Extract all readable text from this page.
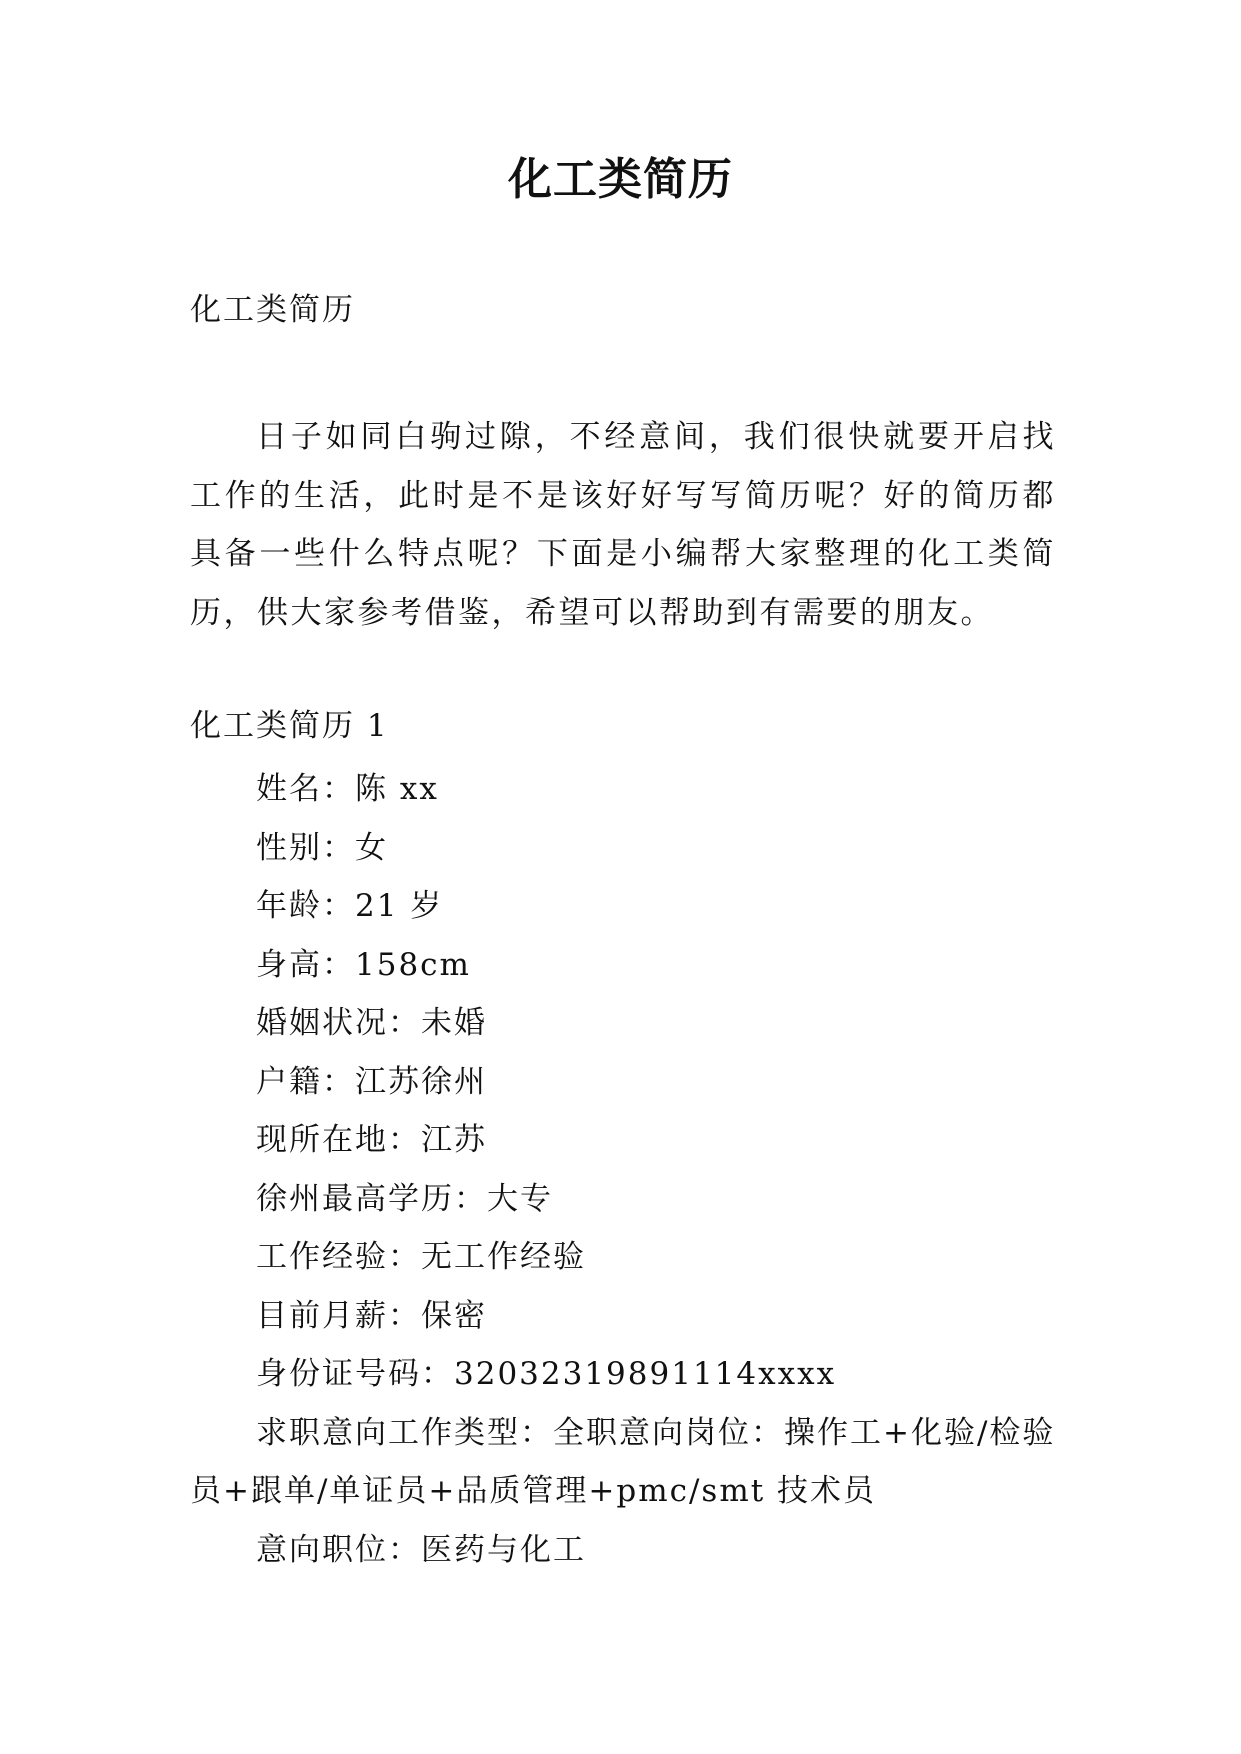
化工类简历
化工类简历

日子如同白驹过隙，不经意间，我们很快就要开启找工作的生活，此时是不是该好好写写简历呢？好的简历都具备一些什么特点呢？下面是小编帮大家整理的化工类简历，供大家参考借鉴，希望可以帮助到有需要的朋友。

化工类简历 1

姓名：陈 xx

性别：女

年龄：21 岁

身高：158cm

婚姻状况：未婚

户籍：江苏徐州

现所在地：江苏

徐州最高学历：大专

工作经验：无工作经验

目前月薪：保密

身份证号码：32032319891114xxxx

求职意向工作类型：全职意向岗位：操作工+化验/检验员+跟单/单证员+品质管理+pmc/smt 技术员

意向职位：医药与化工
